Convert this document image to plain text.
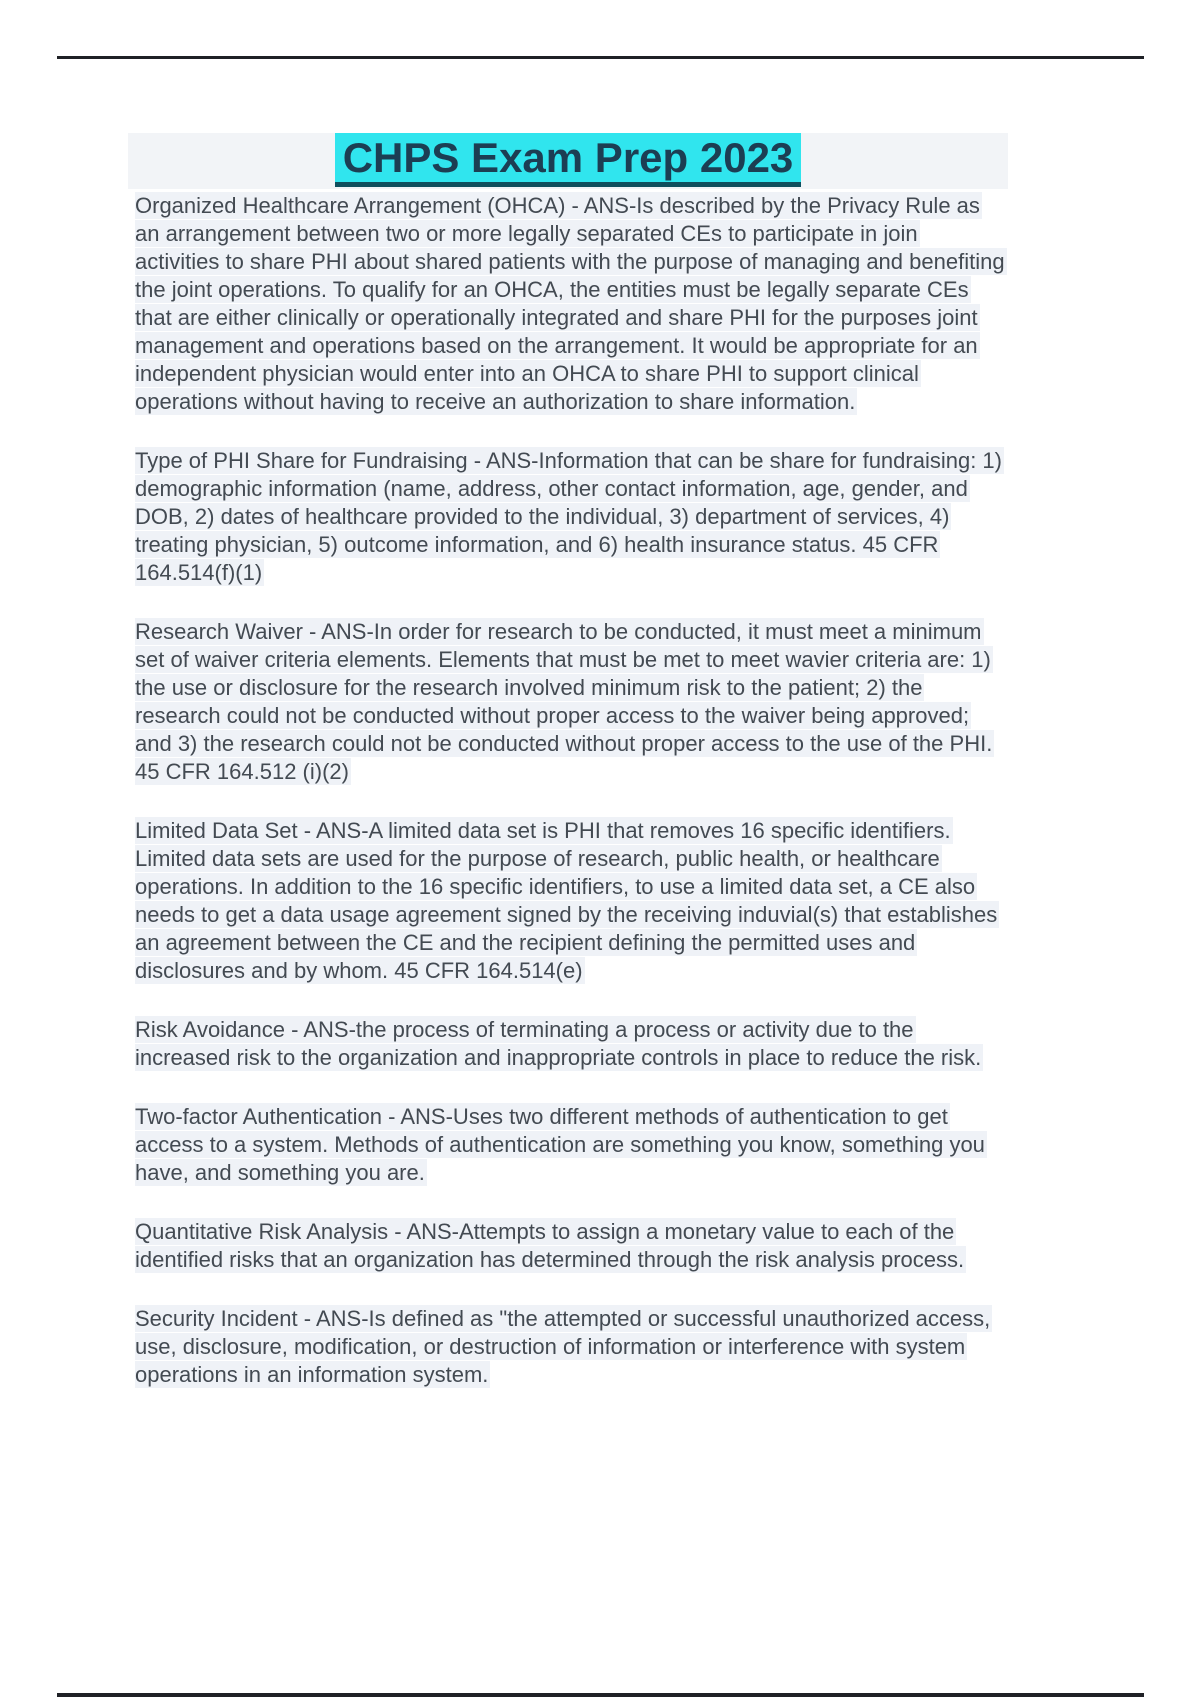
CHPS Exam Prep 2023

Organized Healthcare Arrangement (OHCA) - ANS-Is described by the Privacy Rule as an arrangement between two or more legally separated CEs to participate in join activities to share PHI about shared patients with the purpose of managing and benefiting the joint operations. To qualify for an OHCA, the entities must be legally separate CEs that are either clinically or operationally integrated and share PHI for the purposes joint management and operations based on the arrangement. It would be appropriate for an independent physician would enter into an OHCA to share PHI to support clinical operations without having to receive an authorization to share information.

Type of PHI Share for Fundraising - ANS-Information that can be share for fundraising: 1) demographic information (name, address, other contact information, age, gender, and DOB, 2) dates of healthcare provided to the individual, 3) department of services, 4) treating physician, 5) outcome information, and 6) health insurance status. 45 CFR 164.514(f)(1)

Research Waiver - ANS-In order for research to be conducted, it must meet a minimum set of waiver criteria elements. Elements that must be met to meet wavier criteria are: 1) the use or disclosure for the research involved minimum risk to the patient; 2) the research could not be conducted without proper access to the waiver being approved; and 3) the research could not be conducted without proper access to the use of the PHI. 45 CFR 164.512 (i)(2)

Limited Data Set - ANS-A limited data set is PHI that removes 16 specific identifiers. Limited data sets are used for the purpose of research, public health, or healthcare operations. In addition to the 16 specific identifiers, to use a limited data set, a CE also needs to get a data usage agreement signed by the receiving induvial(s) that establishes an agreement between the CE and the recipient defining the permitted uses and disclosures and by whom. 45 CFR 164.514(e)

Risk Avoidance - ANS-the process of terminating a process or activity due to the increased risk to the organization and inappropriate controls in place to reduce the risk.

Two-factor Authentication - ANS-Uses two different methods of authentication to get access to a system. Methods of authentication are something you know, something you have, and something you are.

Quantitative Risk Analysis - ANS-Attempts to assign a monetary value to each of the identified risks that an organization has determined through the risk analysis process.

Security Incident - ANS-Is defined as "the attempted or successful unauthorized access, use, disclosure, modification, or destruction of information or interference with system operations in an information system.
